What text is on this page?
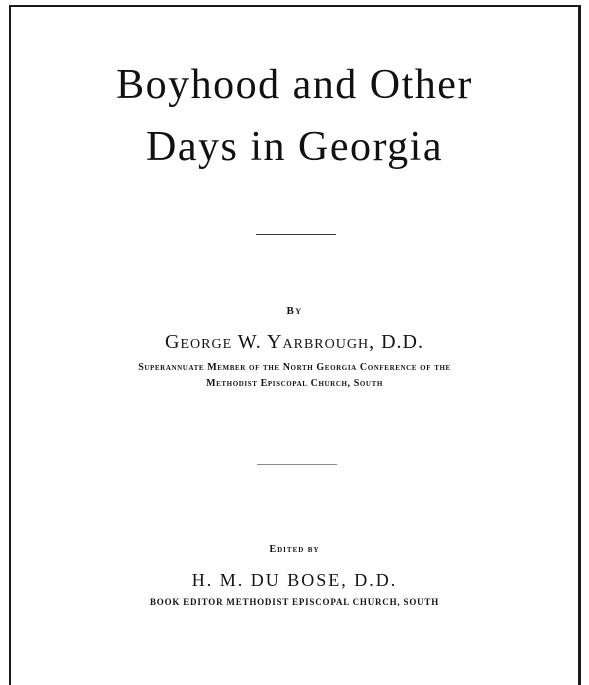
Boyhood and Other
Days in Georgia
By
George W. Yarbrough, D.D.
Superannuate Member of the North Georgia Conference of the
Methodist Episcopal Church, South
Edited by
H. M. DU BOSE, D.D.
BOOK EDITOR METHODIST EPISCOPAL CHURCH, SOUTH
